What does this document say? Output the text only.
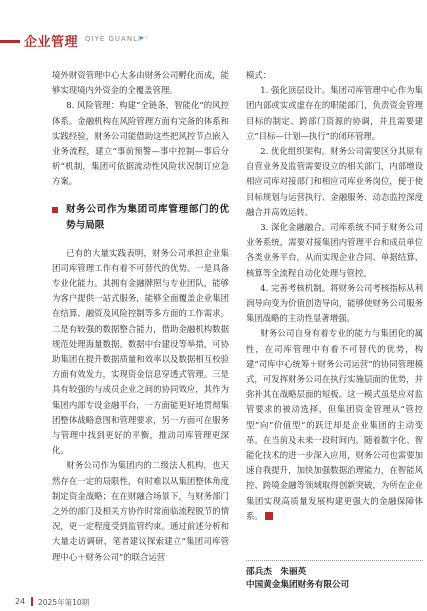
企业管理 QIYE GUANLI
▸◦

境外财资管理中心大多由财务公司孵化而成，能够实现境内外资金的全覆盖管理。

8. 风险管理：构建“全链条，智能化”的风控体系。金融机构在风险管理方面有完备的体系和实践经验，财务公司能借助这些把风控节点嵌入业务流程，建立“事前预警—事中控制—事后分析”机制，集团可依据流动性风险状况制订应急方案。

财务公司作为集团司库管理部门的优势与局限

已有的大量实践表明，财务公司承担企业集团司库管理工作有着不可替代的优势。一是具备专业化能力。其拥有金融牌照与专业团队，能够为客户提供一站式服务，能够全面覆盖企业集团在结算、融资及风险控制等多方面的工作需求。二是有较强的数据整合能力，借助金融机构数据规范处理海量数据。数据中台建设等举措，可协助集团在提升数据质量和效率以及数据相互校验方面有效发力，实现资金信息穿透式管理。三是具有较强的与成员企业之间的协同效应，其作为集团内部专设金融平台，一方面能更好地贯彻集团整体战略意图和管理要求，另一方面可在服务与管理中找到更好的平衡，推动司库管理更深化。

财务公司作为集团内的二级法人机构，也天然存在一定的局限性，有时难以从集团整体角度制定资金战略；在在财融合场景下，与财务部门之外的部门及相关方协作时常面临流程脱节的情况，更一定程度受到监管约束。通过前述分析和大量走访调研，笔者建议探索建立“集团司库管理中心＋财务公司”的联合运营

模式：

1. 强化顶层设计。集团司库管理中心作为集团内部或实或虚存在的职能部门，负责资金管理目标的制定、跨部门资源的协调，并且需要建立“目标—计划—执行”的闭环管理。

2. 优化组织架构。财务公司需要区分其原有自营业务及监管需要设立的相关部门，内部增设相应司库对接部门和相应司库业务岗位，便于使目标规划与运营执行、金融服务、动态监控深度融合并高效运转。

3. 深化金融融合。司库系统不同于财务公司业务系统，需要对接集团内管理平台和成员单位各类业务平台，从而实现企业合同、单据结算、核算等全流程自动化处理与管控。

4. 完善考核机制。将财务公司考核指标从利润导向变为价值创造导向，能够使财务公司服务集团战略的主动性显著增强。

财务公司自身有着专业的能力与集团化的属性，在司库管理中有着不可替代的优势，构建“司库中心统筹＋财务公司运营”的协同管理模式，可发挥财务公司在执行实施层面的优势，并弥补其在战略层面的短板。这一模式虽是应对监管要求的被动选择，但集团资金管理从“管控型”向“价值型”的跃迁却是企业集团的主动变革。在当前及未来一段时间内，随着数字化、智能化技术的进一步深入应用，财务公司也需要加速自我提升，加快加强数据治理能力，在智能风控、跨境金融等领域取得创新突破，为所在企业集团实现高质量发展构建更强大的金融保障体系。	Q

邵兵杰　朱丽英
中国黄金集团财务有限公司
24 2025年第10期
